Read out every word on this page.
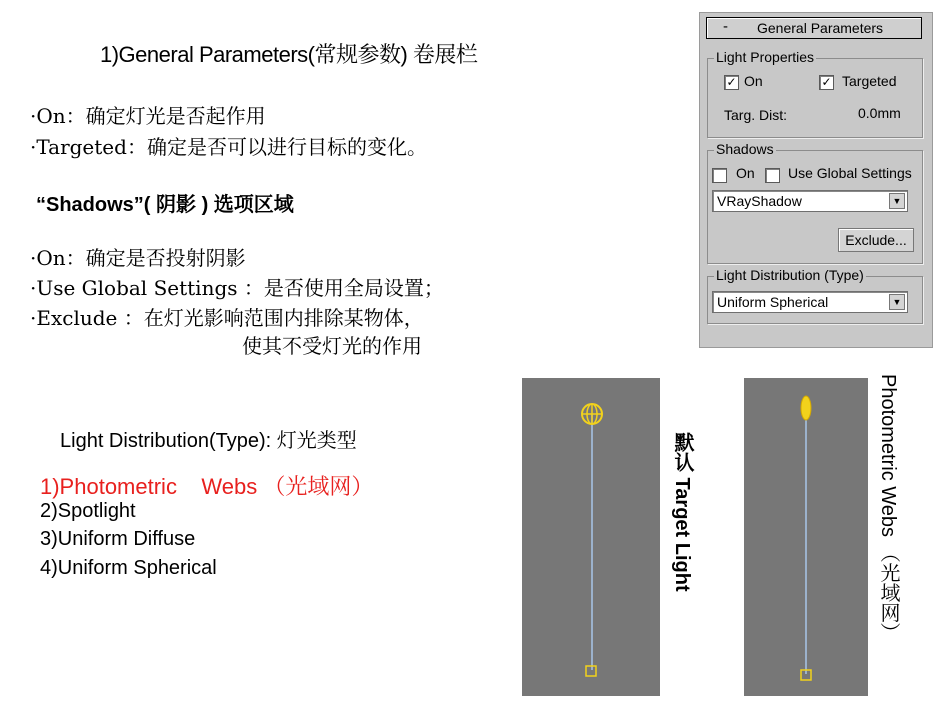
1)General Parameters(常规参数) 卷展栏
·On：确定灯光是否起作用
·Targeted：确定是否可以进行目标的变化。
“Shadows”( 阴影 ) 选项区域
·On：确定是否投射阴影
·Use Global Settings ：是否使用全局设置；
·Exclude ：在灯光影响范围内排除某物体，
使其不受灯光的作用
Light Distribution(Type): 灯光类型
1)Photometric    Webs （光域网）
2)Spotlight
3)Uniform Diffuse
4)Uniform Spherical
- General Parameters
Light Properties
✓ On	✓ Targeted
Targ. Dist:	0.0mm
Shadows
On Use Global Settings
VRayShadow	▼
Exclude...
Light Distribution (Type)
Uniform Spherical	▼
默认 Target Light	Photometric Webs （光域网）
